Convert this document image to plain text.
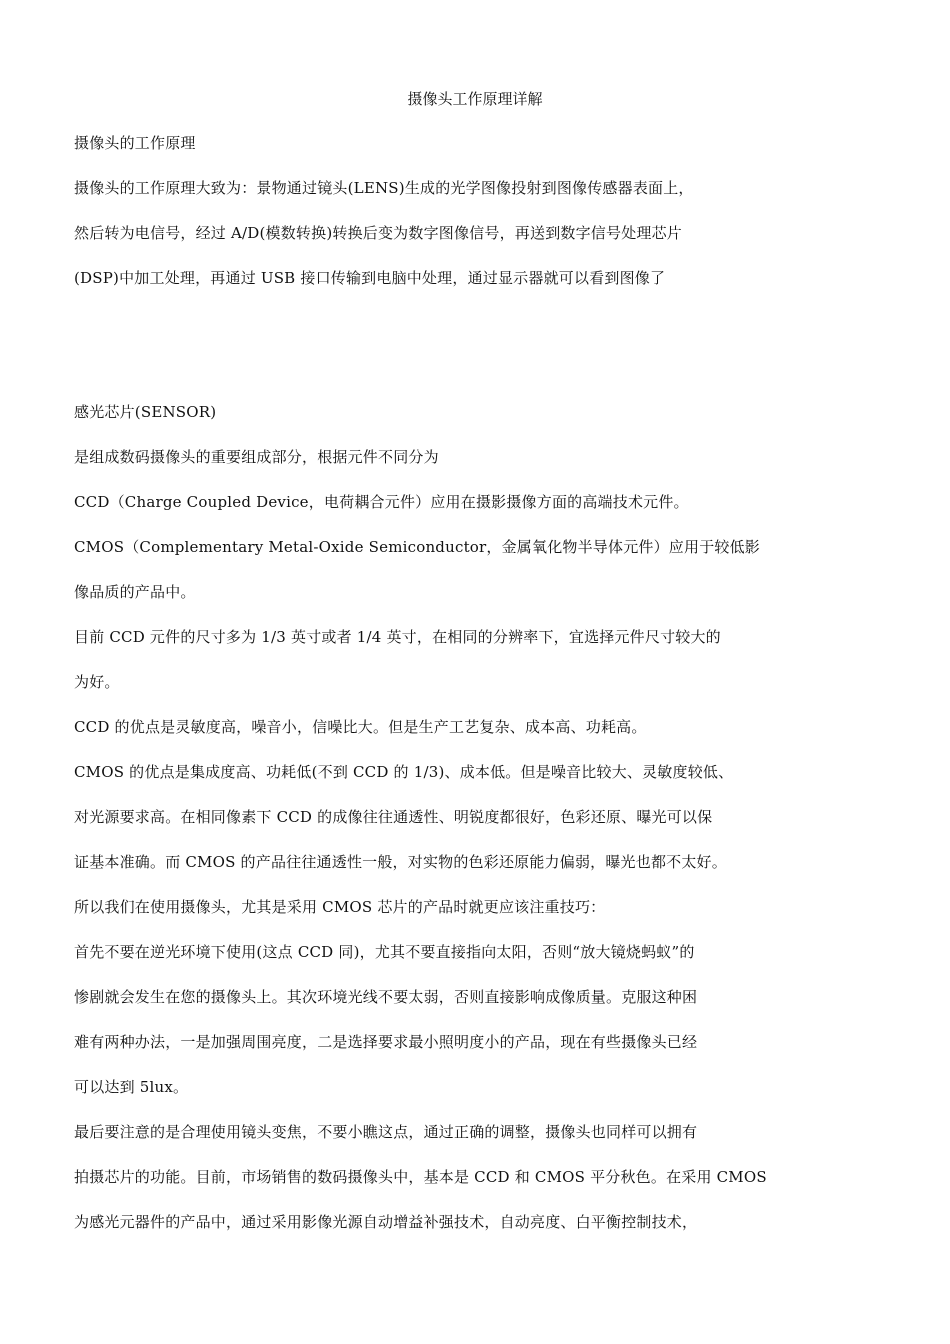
摄像头工作原理详解
摄像头的工作原理
摄像头的工作原理大致为：景物通过镜头(LENS)生成的光学图像投射到图像传感器表面上，
然后转为电信号，经过 A/D(模数转换)转换后变为数字图像信号，再送到数字信号处理芯片
(DSP)中加工处理，再通过 USB 接口传输到电脑中处理，通过显示器就可以看到图像了
感光芯片(SENSOR)
是组成数码摄像头的重要组成部分，根据元件不同分为
CCD（Charge Coupled Device，电荷耦合元件）应用在摄影摄像方面的高端技术元件。
CMOS（Complementary Metal-Oxide Semiconductor，金属氧化物半导体元件）应用于较低影
像品质的产品中。
目前 CCD 元件的尺寸多为 1/3 英寸或者 1/4 英寸，在相同的分辨率下，宜选择元件尺寸较大的
为好。
CCD 的优点是灵敏度高，噪音小，信噪比大。但是生产工艺复杂、成本高、功耗高。
CMOS 的优点是集成度高、功耗低(不到 CCD 的 1/3)、成本低。但是噪音比较大、灵敏度较低、
对光源要求高。在相同像素下 CCD 的成像往往通透性、明锐度都很好，色彩还原、曝光可以保
证基本准确。而 CMOS 的产品往往通透性一般，对实物的色彩还原能力偏弱，曝光也都不太好。
所以我们在使用摄像头，尤其是采用 CMOS 芯片的产品时就更应该注重技巧：
首先不要在逆光环境下使用(这点 CCD 同)，尤其不要直接指向太阳，否则“放大镜烧蚂蚁”的
惨剧就会发生在您的摄像头上。其次环境光线不要太弱，否则直接影响成像质量。克服这种困
难有两种办法，一是加强周围亮度，二是选择要求最小照明度小的产品，现在有些摄像头已经
可以达到 5lux。
最后要注意的是合理使用镜头变焦，不要小瞧这点，通过正确的调整，摄像头也同样可以拥有
拍摄芯片的功能。目前，市场销售的数码摄像头中，基本是 CCD 和 CMOS 平分秋色。在采用 CMOS
为感光元器件的产品中，通过采用影像光源自动增益补强技术，自动亮度、白平衡控制技术，
